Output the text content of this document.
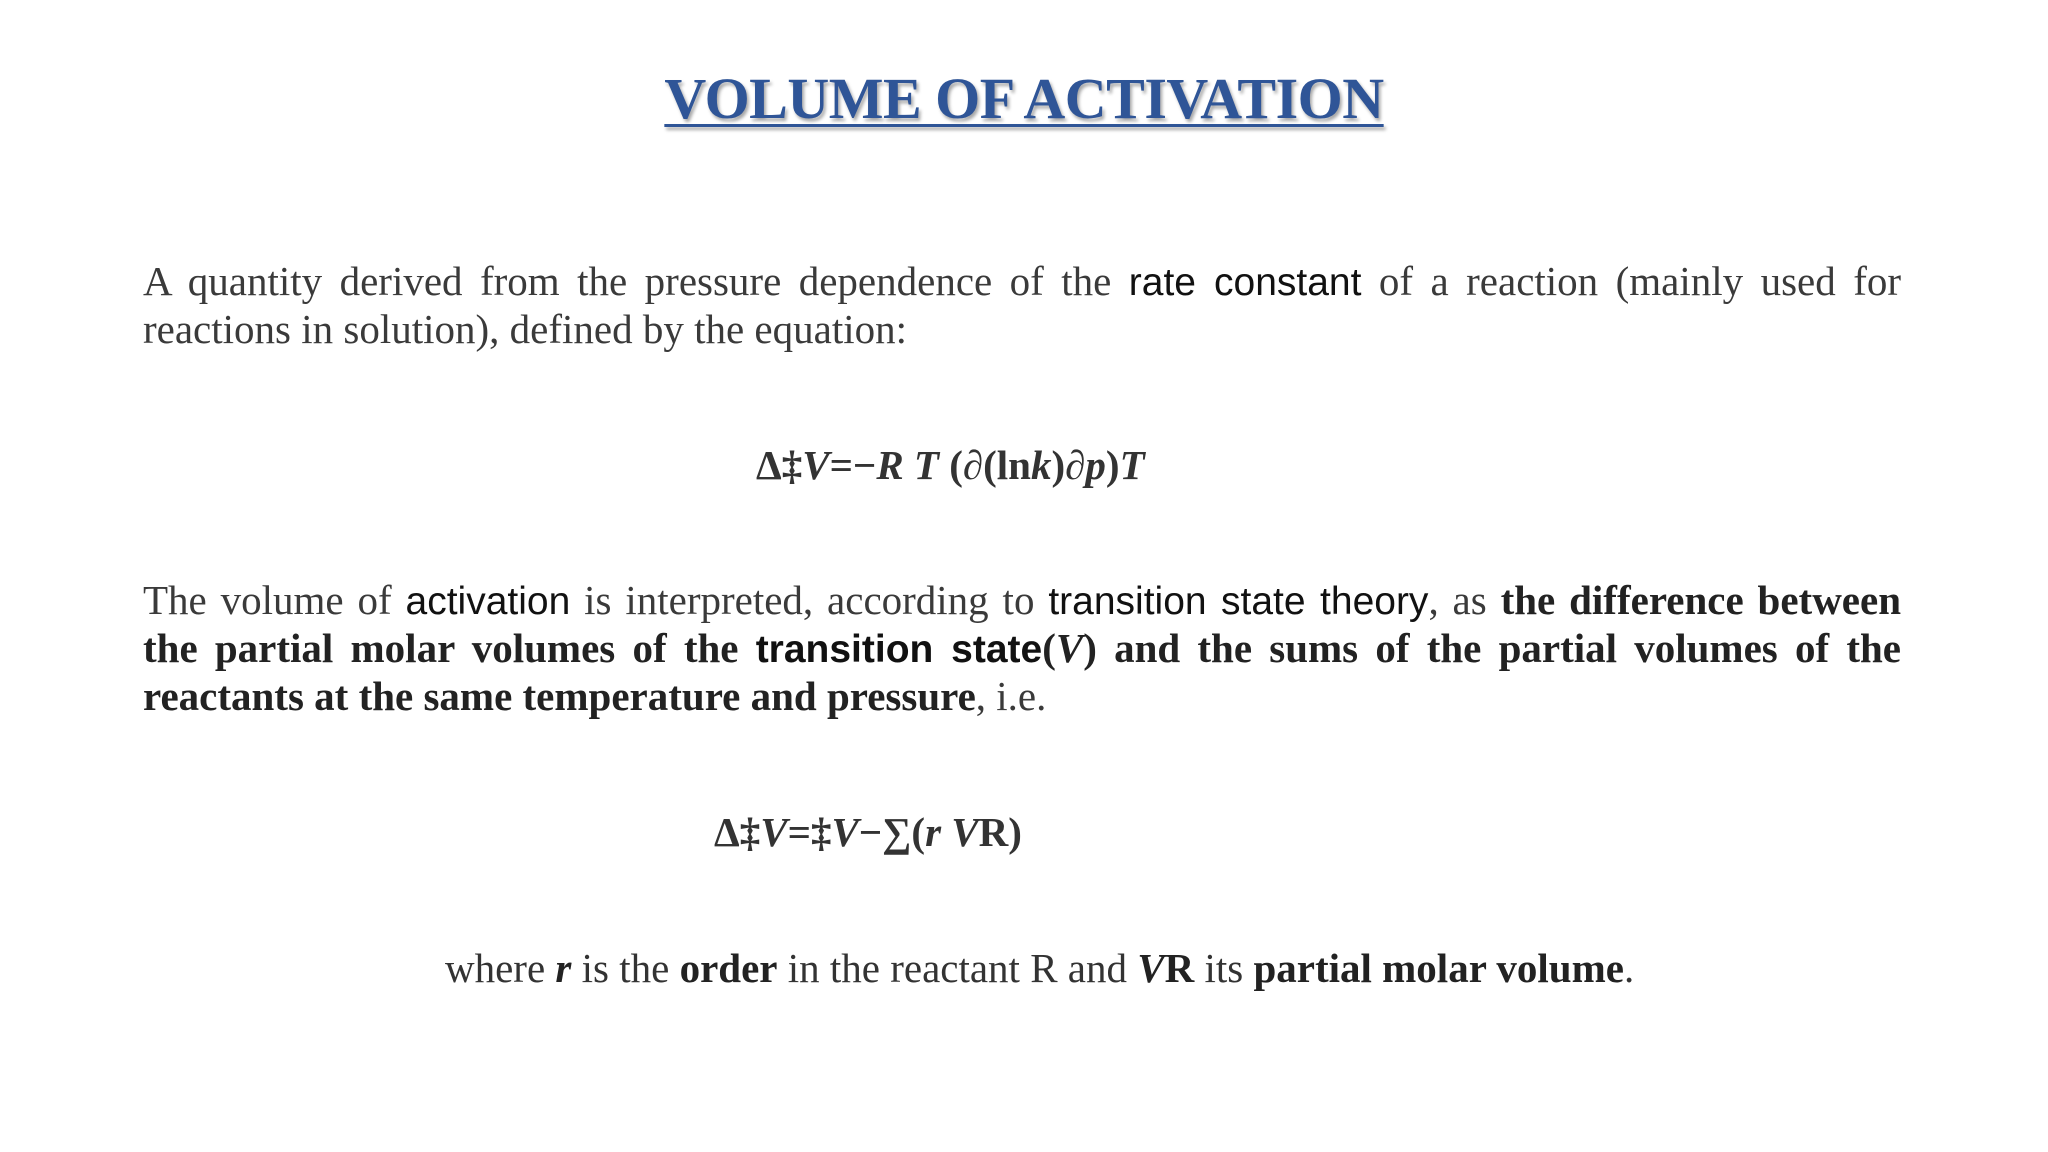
VOLUME OF ACTIVATION
A quantity derived from the pressure dependence of the rate constant of a reaction (mainly used for reactions in solution), defined by the equation:
Δ‡V=−R T (∂(lnk)∂p)T
The volume of activation is interpreted, according to transition state theory, as the difference between the partial molar volumes of the transition state(V) and the sums of the partial volumes of the reactants at the same temperature and pressure, i.e.
Δ‡V=‡V−∑(r VR)
where r is the order in the reactant R and VR its partial molar volume.
